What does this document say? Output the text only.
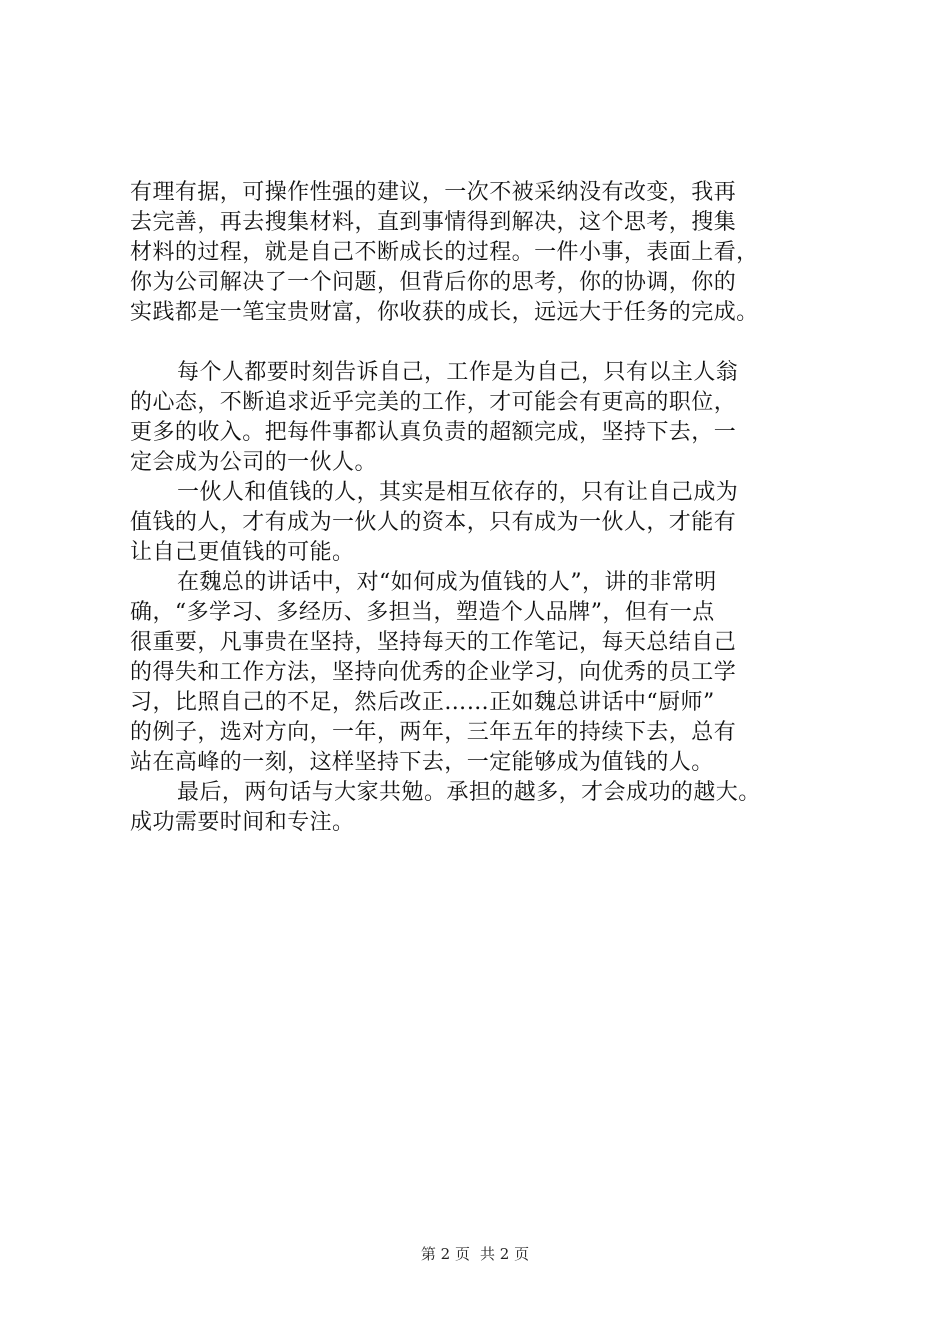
有理有据，可操作性强的建议，一次不被采纳没有改变，我再
去完善，再去搜集材料，直到事情得到解决，这个思考，搜集
材料的过程，就是自己不断成长的过程。一件小事，表面上看，
你为公司解决了一个问题，但背后你的思考，你的协调，你的
实践都是一笔宝贵财富，你收获的成长，远远大于任务的完成。
每个人都要时刻告诉自己，工作是为自己，只有以主人翁
的心态，不断追求近乎完美的工作，才可能会有更高的职位，
更多的收入。把每件事都认真负责的超额完成，坚持下去，一
定会成为公司的一伙人。
一伙人和值钱的人，其实是相互依存的，只有让自己成为
值钱的人，才有成为一伙人的资本，只有成为一伙人，才能有
让自己更值钱的可能。
在魏总的讲话中，对“如何成为值钱的人”，讲的非常明
确，“多学习、多经历、多担当，塑造个人品牌”，但有一点
很重要，凡事贵在坚持，坚持每天的工作笔记，每天总结自己
的得失和工作方法，坚持向优秀的企业学习，向优秀的员工学
习，比照自己的不足，然后改正……正如魏总讲话中“厨师”
的例子，选对方向，一年，两年，三年五年的持续下去，总有
站在高峰的一刻，这样坚持下去，一定能够成为值钱的人。
最后，两句话与大家共勉。承担的越多，才会成功的越大。
成功需要时间和专注。
第 2 页 共 2 页
